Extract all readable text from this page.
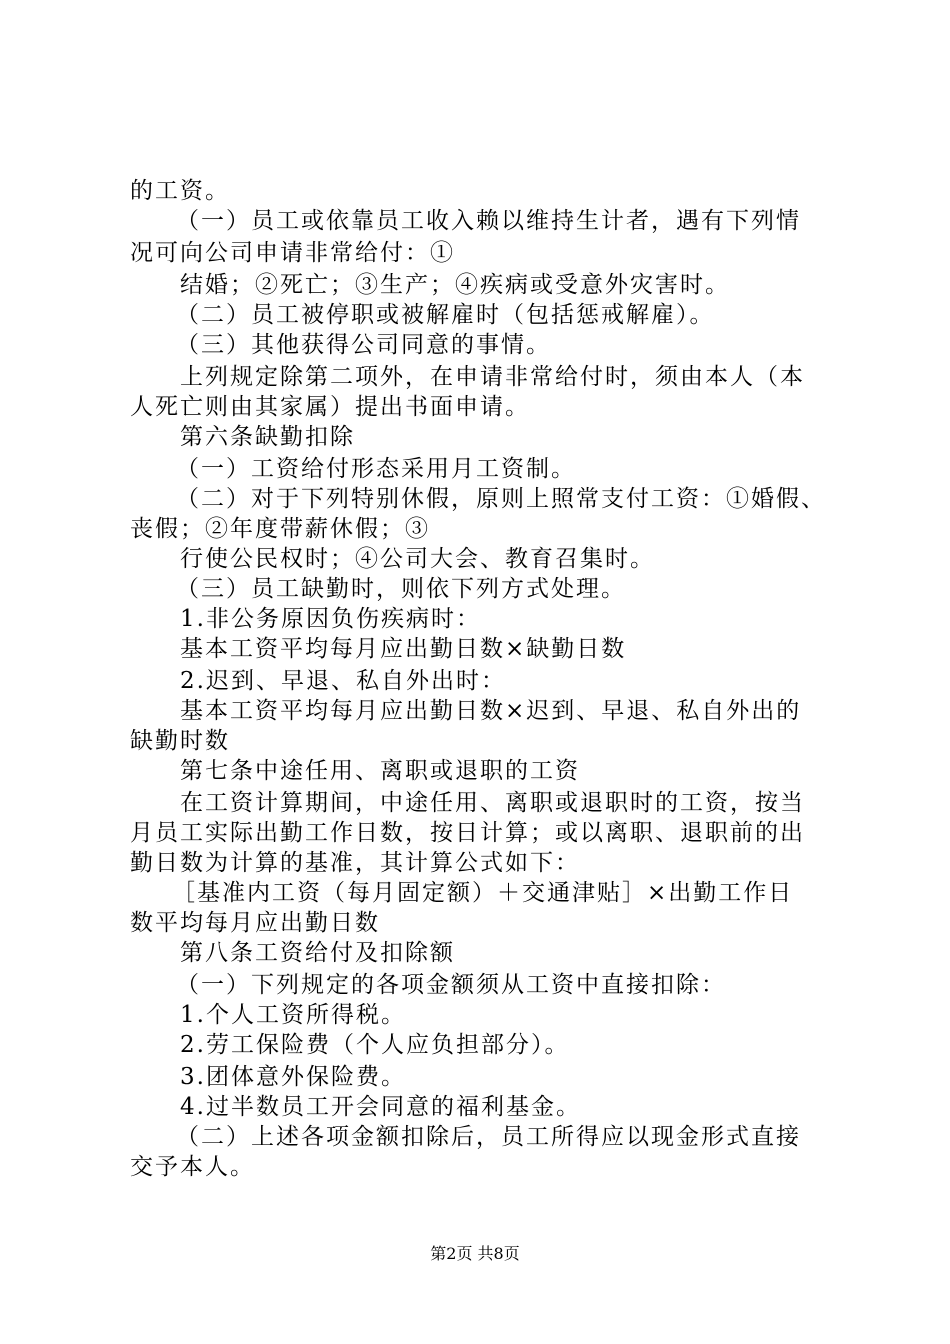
的工资。
（一）员工或依靠员工收入赖以维持生计者，遇有下列情
况可向公司申请非常给付：①
结婚；②死亡；③生产；④疾病或受意外灾害时。
（二）员工被停职或被解雇时（包括惩戒解雇）。
（三）其他获得公司同意的事情。
上列规定除第二项外，在申请非常给付时，须由本人（本
人死亡则由其家属）提出书面申请。
第六条缺勤扣除
（一）工资给付形态采用月工资制。
（二）对于下列特别休假，原则上照常支付工资：①婚假、
丧假；②年度带薪休假；③
行使公民权时；④公司大会、教育召集时。
（三）员工缺勤时，则依下列方式处理。
1.非公务原因负伤疾病时：
基本工资平均每月应出勤日数×缺勤日数
2.迟到、早退、私自外出时：
基本工资平均每月应出勤日数×迟到、早退、私自外出的
缺勤时数
第七条中途任用、离职或退职的工资
在工资计算期间，中途任用、离职或退职时的工资，按当
月员工实际出勤工作日数，按日计算；或以离职、退职前的出
勤日数为计算的基准，其计算公式如下：
［基准内工资（每月固定额）＋交通津贴］×出勤工作日
数平均每月应出勤日数
第八条工资给付及扣除额
（一）下列规定的各项金额须从工资中直接扣除：
1.个人工资所得税。
2.劳工保险费（个人应负担部分）。
3.团体意外保险费。
4.过半数员工开会同意的福利基金。
（二）上述各项金额扣除后，员工所得应以现金形式直接
交予本人。
第2页 共8页
